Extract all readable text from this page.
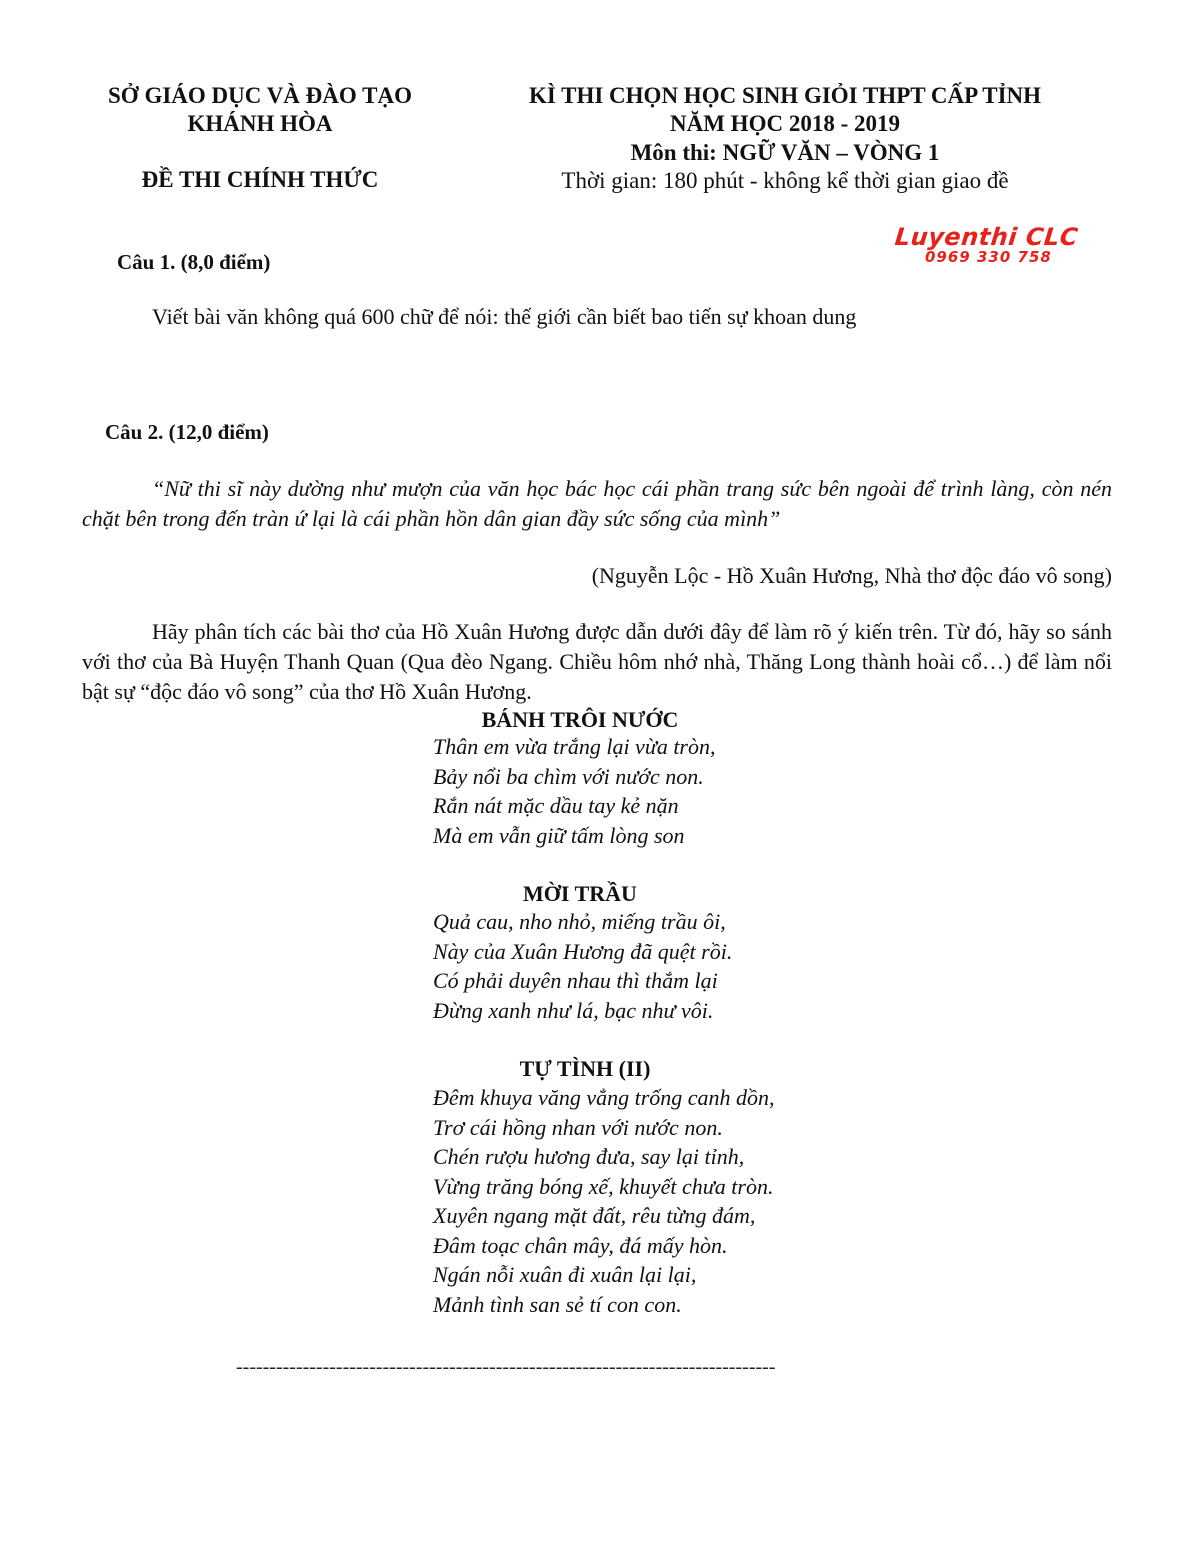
SỞ GIÁO DỤC VÀ ĐÀO TẠO
KHÁNH HÒA
ĐỀ THI CHÍNH THỨC
KÌ THI CHỌN HỌC SINH GIỎI THPT CẤP TỈNH
NĂM HỌC 2018 - 2019
Môn thi: NGỮ VĂN – VÒNG 1
Thời gian: 180 phút - không kể thời gian giao đề
Luyenthi CLC
0969 330 758
Câu 1. (8,0 điểm)
Viết bài văn không quá 600 chữ để nói: thế giới cần biết bao tiến sự khoan dung
Câu 2. (12,0 điểm)
“Nữ thi sĩ này dường như mượn của văn học bác học cái phần trang sức bên ngoài để trình làng, còn nén chặt bên trong đến tràn ứ lại là cái phần hồn dân gian đầy sức sống của mình”
(Nguyễn Lộc - Hồ Xuân Hương, Nhà thơ độc đáo vô song)
Hãy phân tích các bài thơ của Hồ Xuân Hương được dẫn dưới đây để làm rõ ý kiến trên. Từ đó, hãy so sánh với thơ của Bà Huyện Thanh Quan (Qua đèo Ngang. Chiều hôm nhớ nhà, Thăng Long thành hoài cổ…) để làm nổi bật sự “độc đáo vô song” của thơ Hồ Xuân Hương.
BÁNH TRÔI NƯỚC
Thân em vừa trắng lại vừa tròn,
Bảy nổi ba chìm với nước non.
Rắn nát mặc dầu tay kẻ nặn
Mà em vẫn giữ tấm lòng son
MỜI TRẦU
Quả cau, nho nhỏ, miếng trầu ôi,
Này của Xuân Hương đã quệt rồi.
Có phải duyên nhau thì thắm lại
Đừng xanh như lá, bạc như vôi.
TỰ TÌNH (II)
Đêm khuya văng vẳng trống canh dồn,
Trơ cái hồng nhan với nước non.
Chén rượu hương đưa, say lại tỉnh,
Vừng trăng bóng xế, khuyết chưa tròn.
Xuyên ngang mặt đất, rêu từng đám,
Đâm toạc chân mây, đá mấy hòn.
Ngán nỗi xuân đi xuân lại lại,
Mảnh tình san sẻ tí con con.
---------------------------------------------------------------------------------
